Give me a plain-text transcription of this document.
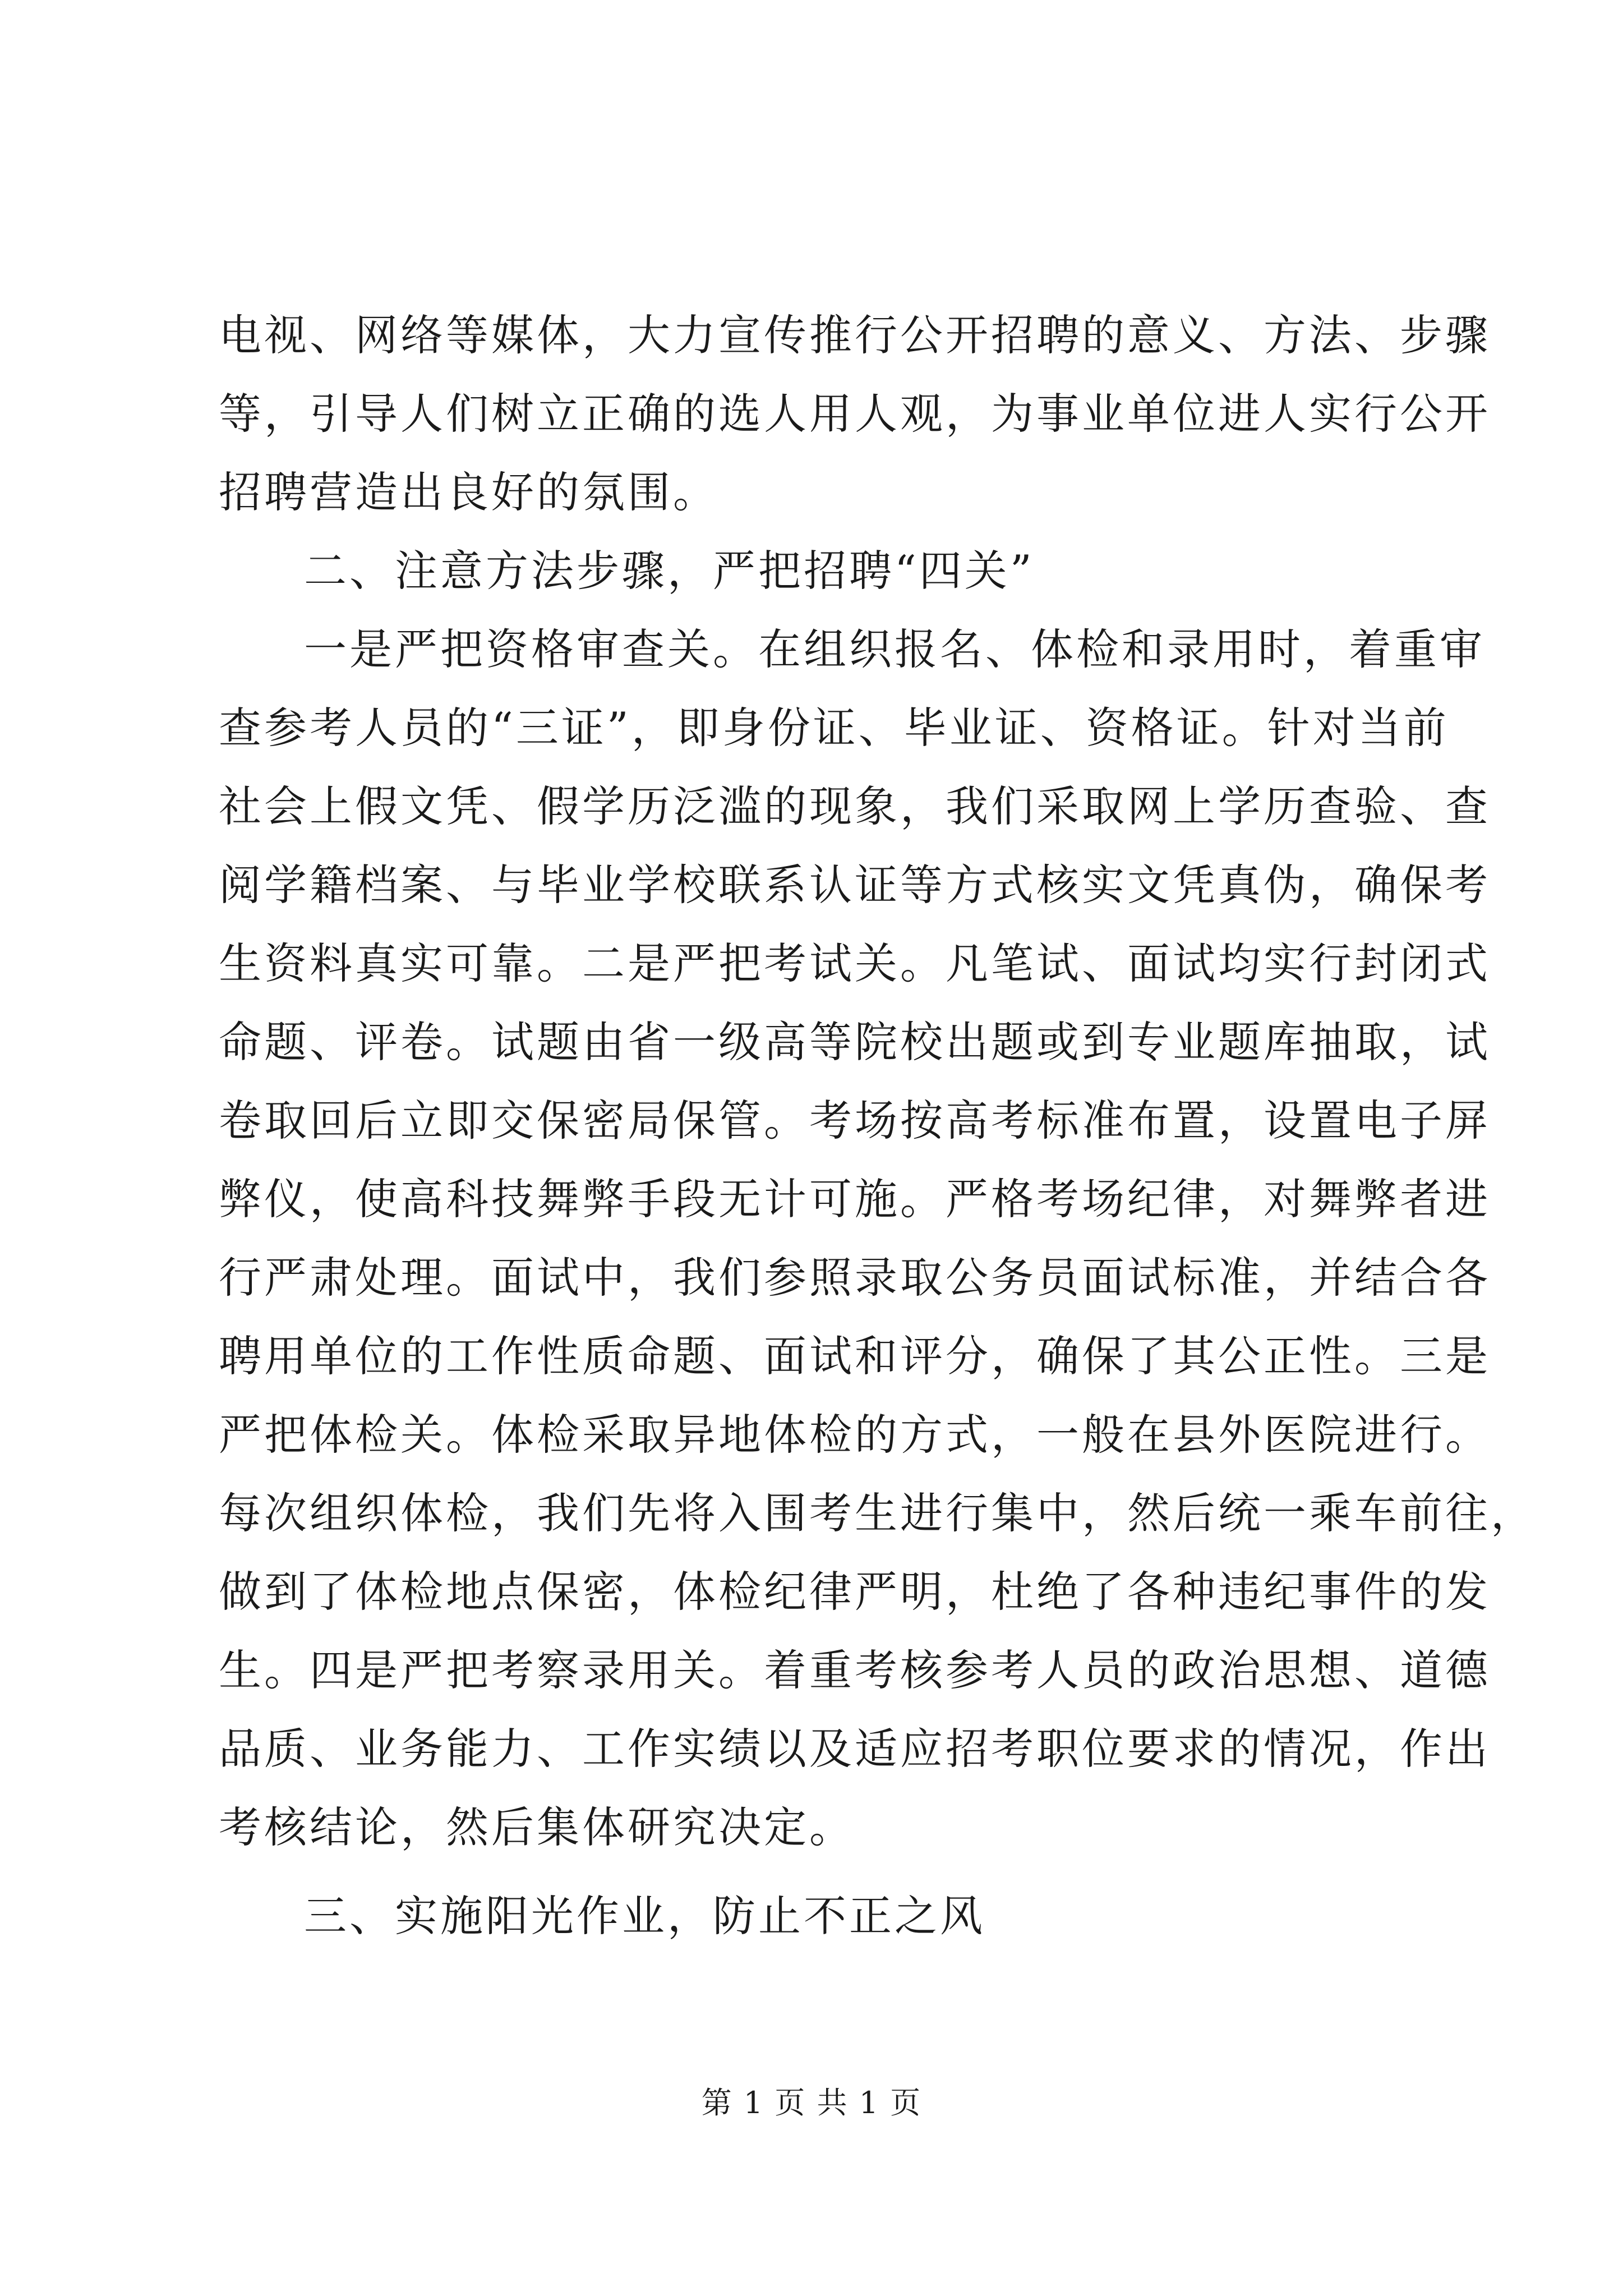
电视、网络等媒体，大力宣传推行公开招聘的意义、方法、步骤
等，引导人们树立正确的选人用人观，为事业单位进人实行公开
招聘营造出良好的氛围。
二、注意方法步骤，严把招聘“四关”
一是严把资格审查关。在组织报名、体检和录用时，着重审
查参考人员的“三证”，即身份证、毕业证、资格证。针对当前
社会上假文凭、假学历泛滥的现象，我们采取网上学历查验、查
阅学籍档案、与毕业学校联系认证等方式核实文凭真伪，确保考
生资料真实可靠。二是严把考试关。凡笔试、面试均实行封闭式
命题、评卷。试题由省一级高等院校出题或到专业题库抽取，试
卷取回后立即交保密局保管。考场按高考标准布置，设置电子屏
弊仪，使高科技舞弊手段无计可施。严格考场纪律，对舞弊者进
行严肃处理。面试中，我们参照录取公务员面试标准，并结合各
聘用单位的工作性质命题、面试和评分，确保了其公正性。三是
严把体检关。体检采取异地体检的方式，一般在县外医院进行。
每次组织体检，我们先将入围考生进行集中，然后统一乘车前往，
做到了体检地点保密，体检纪律严明，杜绝了各种违纪事件的发
生。四是严把考察录用关。着重考核参考人员的政治思想、道德
品质、业务能力、工作实绩以及适应招考职位要求的情况，作出
考核结论，然后集体研究决定。
三、实施阳光作业，防止不正之风
第 1 页 共 1 页
